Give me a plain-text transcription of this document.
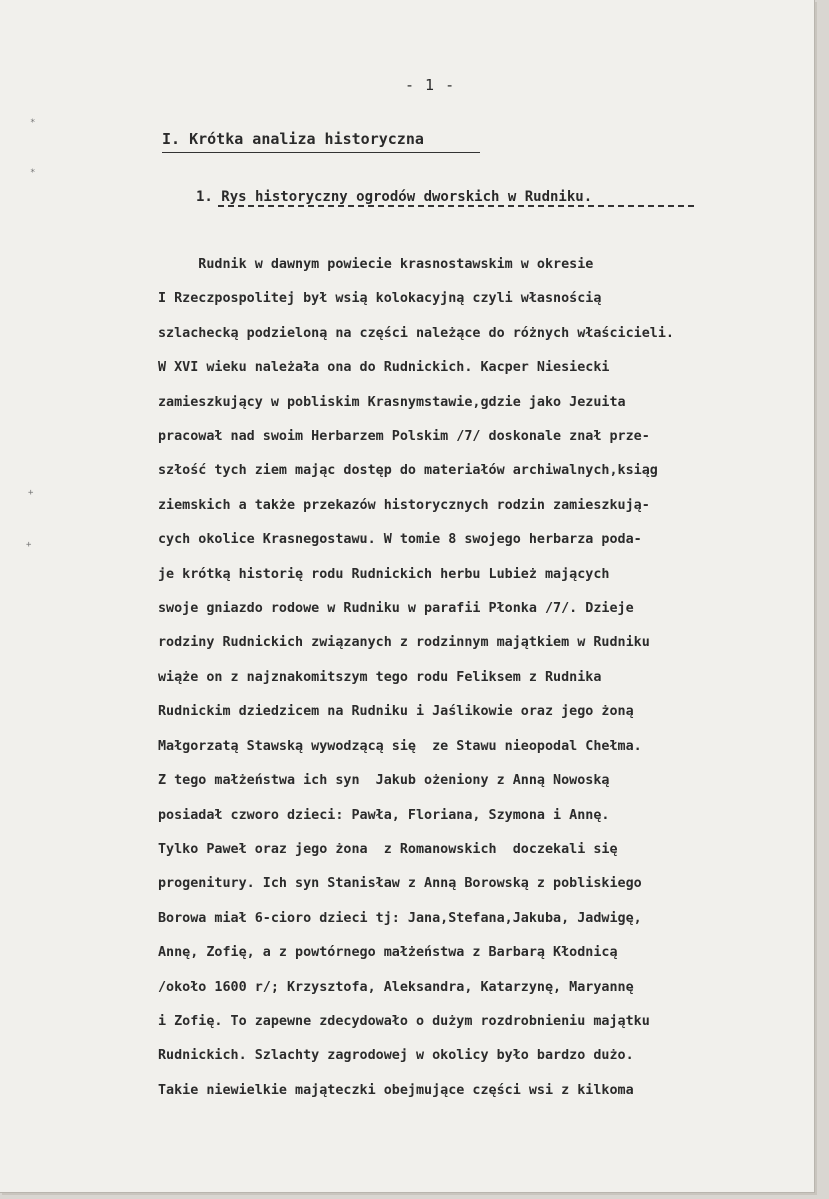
- 1 -
I. Krótka analiza historyczna
1. Rys historyczny ogrodów dworskich w Rudniku.

Rudnik w dawnym powiecie krasnostawskim w okresie
I Rzeczpospolitej był wsią kolokacyjną czyli własnością
szlachecką podzieloną na części należące do różnych właścicieli.
W XVI wieku należała ona do Rudnickich. Kacper Niesiecki
zamieszkujący w pobliskim Krasnymstawie,gdzie jako Jezuita
pracował nad swoim Herbarzem Polskim /7/ doskonale znał prze-
szłość tych ziem mając dostęp do materiałów archiwalnych,ksiąg
ziemskich a także przekazów historycznych rodzin zamieszkują-
cych okolice Krasnegostawu. W tomie 8 swojego herbarza poda-
je krótką historię rodu Rudnickich herbu Lubież mających
swoje gniazdo rodowe w Rudniku w parafii Płonka /7/. Dzieje
rodziny Rudnickich związanych z rodzinnym majątkiem w Rudniku
wiąże on z najznakomitszym tego rodu Feliksem z Rudnika
Rudnickim dziedzicem na Rudniku i Jaślikowie oraz jego żoną
Małgorzatą Stawską wywodzącą się  ze Stawu nieopodal Chełma.
Z tego małżeństwa ich syn  Jakub ożeniony z Anną Nowoską
posiadał czworo dzieci: Pawła, Floriana, Szymona i Annę.
Tylko Paweł oraz jego żona  z Romanowskich  doczekali się
progenitury. Ich syn Stanisław z Anną Borowską z pobliskiego
Borowa miał 6-cioro dzieci tj: Jana,Stefana,Jakuba, Jadwigę,
Annę, Zofię, a z powtórnego małżeństwa z Barbarą Kłodnicą
/około 1600 r/; Krzysztofa, Aleksandra, Katarzynę, Maryannę
i Zofię. To zapewne zdecydowało o dużym rozdrobnieniu majątku
Rudnickich. Szlachty zagrodowej w okolicy było bardzo dużo.
Takie niewielkie mająteczki obejmujące części wsi z kilkoma

*
*
+
+
